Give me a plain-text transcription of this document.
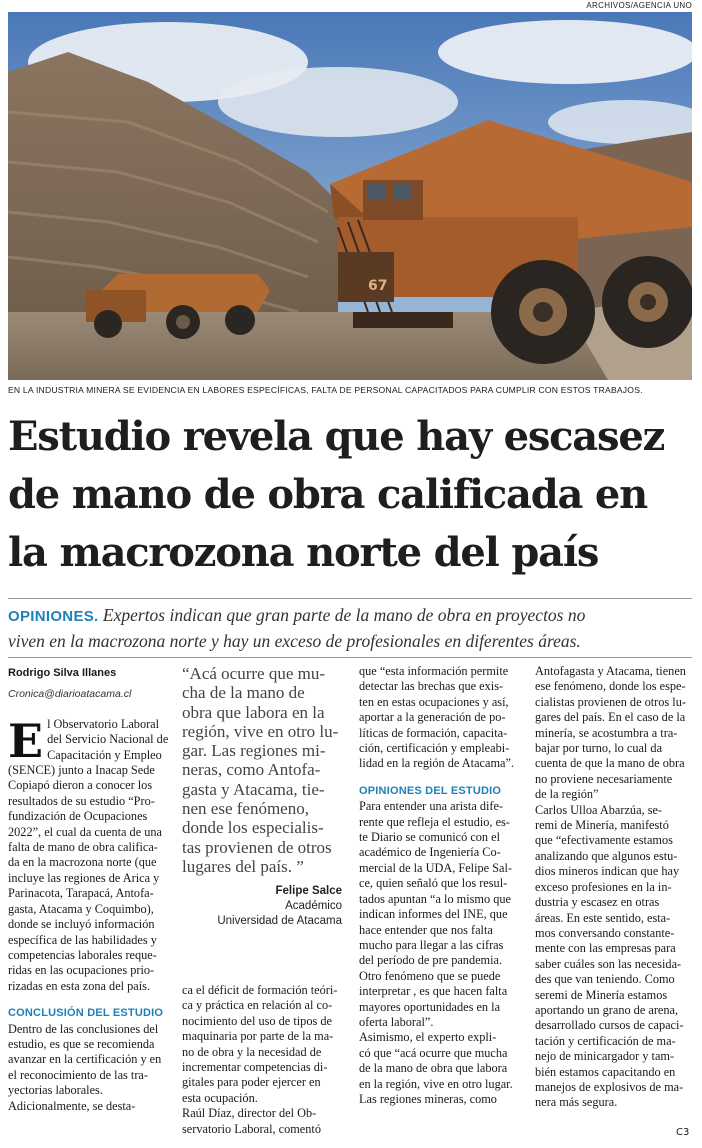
ARCHIVOS/AGENCIA UNO
67
EN LA INDUSTRIA MINERA SE EVIDENCIA EN LABORES ESPECÍFICAS, FALTA DE PERSONAL CAPACITADOS PARA CUMPLIR CON ESTOS TRABAJOS.
Estudio revela que hay escasez
de mano de obra calificada en
la macrozona norte del país
OPINIONES. Expertos indican que gran parte de la mano de obra en proyectos no
viven en la macrozona norte y hay un exceso de profesionales en diferentes áreas.
Rodrigo Silva Illanes
Cronica@diarioatacama.cl
E l Observatorio Laboral
del Servicio Nacional de
Capacitación y Empleo
(SENCE) junto a Inacap Sede
Copiapó dieron a conocer los
resultados de su estudio “Pro-
fundización de Ocupaciones
2022”, el cual da cuenta de una
falta de mano de obra califica-
da en la macrozona norte (que
incluye las regiones de Arica y
Parinacota, Tarapacá, Antofa-
gasta, Atacama y Coquimbo),
donde se incluyó información
específica de las habilidades y
competencias laborales reque-
ridas en las ocupaciones prio-
rizadas en esta zona del país.
CONCLUSIÓN DEL ESTUDIO
Dentro de las conclusiones del
estudio, es que se recomienda
avanzar en la certificación y en
el reconocimiento de las tra-
yectorias laborales.
Adicionalmente, se desta-
“Acá ocurre que mu-
cha de la mano de
obra que labora en la
región, vive en otro lu-
gar. Las regiones mi-
neras, como Antofa-
gasta y Atacama, tie-
nen ese fenómeno,
donde los especialis-
tas provienen de otros
lugares del país. ”
Felipe Salce
Académico
Universidad de Atacama
ca el déficit de formación teóri-
ca y práctica en relación al co-
nocimiento del uso de tipos de
maquinaria por parte de la ma-
no de obra y la necesidad de
incrementar competencias di-
gitales para poder ejercer en
esta ocupación.
Raúl Díaz, director del Ob-
servatorio Laboral, comentó
que “esta información permite
detectar las brechas que exis-
ten en estas ocupaciones y así,
aportar a la generación de po-
líticas de formación, capacita-
ción, certificación y empleabi-
lidad en la región de Atacama”.
OPINIONES DEL ESTUDIO
Para entender una arista dife-
rente que refleja el estudio, es-
te Diario se comunicó con el
académico de Ingeniería Co-
mercial de la UDA, Felipe Sal-
ce, quien señaló que los resul-
tados apuntan “a lo mismo que
indican informes del INE, que
hace entender que nos falta
mucho para llegar a las cifras
del período de pre pandemia.
Otro fenómeno que se puede
interpretar , es que hacen falta
mayores oportunidades en la
oferta laboral”.
Asimismo, el experto expli-
có que “acá ocurre que mucha
de la mano de obra que labora
en la región, vive en otro lugar.
Las regiones mineras, como
Antofagasta y Atacama, tienen
ese fenómeno, donde los espe-
cialistas provienen de otros lu-
gares del país. En el caso de la
minería, se acostumbra a tra-
bajar por turno, lo cual da
cuenta de que la mano de obra
no proviene necesariamente
de la región”
Carlos Ulloa Abarzúa, se-
remi de Minería, manifestó
que “efectivamente estamos
analizando que algunos estu-
dios mineros indican que hay
exceso profesiones en la in-
dustria y escasez en otras
áreas. En este sentido, esta-
mos conversando constante-
mente con las empresas para
saber cuáles son las necesida-
des que van teniendo. Como
seremi de Minería estamos
aportando un grano de arena,
desarrollado cursos de capaci-
tación y certificación de ma-
nejo de minicargador y tam-
bién estamos capacitando en
manejos de explosivos de ma-
nera más segura.
C3
